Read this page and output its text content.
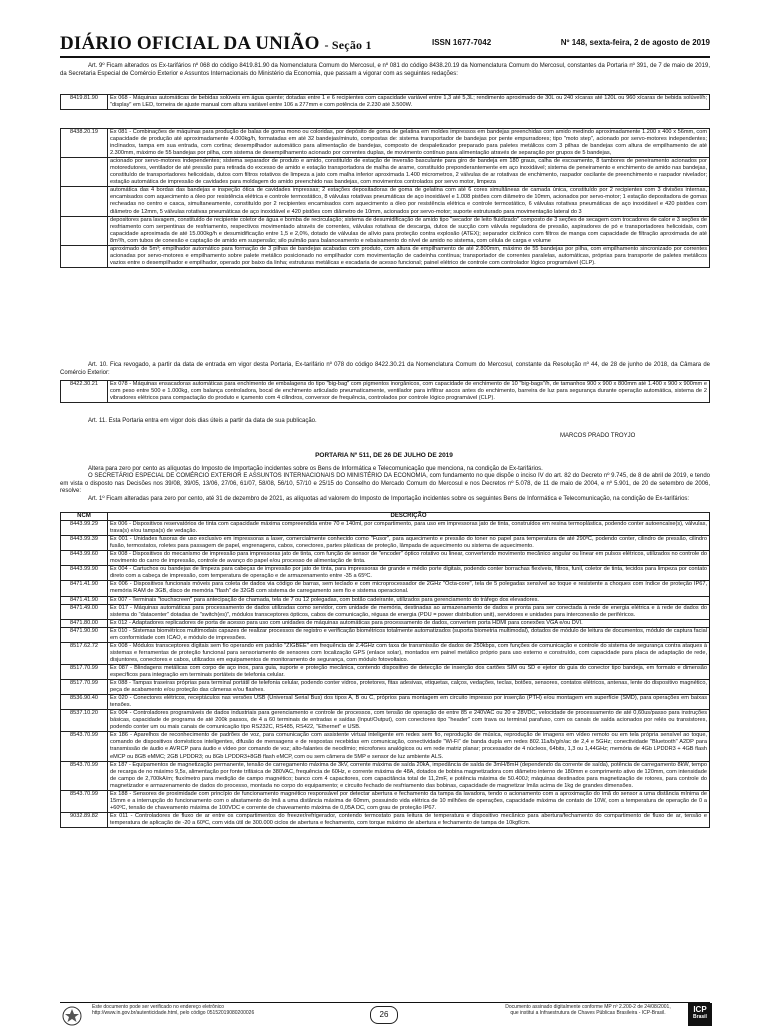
DIÁRIO OFICIAL DA UNIÃO - Seção 1	ISSN 1677-7042	Nº 148, sexta-feira, 2 de agosto de 2019
Art. 9º Ficam alterados os Ex-tarifários nº 068 do código 8419.81.90 da Nomenclatura Comum do Mercosul, e nº 081 do código 8438.20.19 da Nomenclatura Comum do Mercosul, constantes da Portaria nº 391, de 7 de maio de 2019, da Secretaria Especial de Comércio Exterior e Assuntos Internacionais do Ministério da Economia, que passam a vigorar com as seguintes redações:
8419.81.90	Ex 068 - Máquinas automáticas de bebidas solúveis em água quente; dotadas entre 1 e 6 recipientes com capacidade variável entre 1,3 até 5,3L; rendimento aproximado de 30L ou 240 xícaras até 120L ou 960 xícaras de bebida solúvel/h; "display" em LED, torneira de ajuste manual com altura variável entre 106 a 277mm e com potência de 2.230 até 3.500W.
8438.20.19	Ex 081 - Combinações de máquinas para produção de balas de goma mono ou coloridas, por depósito de goma de gelatina em moldes impressos em bandejas preenchidas com amido medindo aproximadamente 1.200 x 400 x 56mm, com capacidade de produção até aproximadamente 4.000kg/h, formatadas em até 32 bandejas/minuto, compostas de: sistema transportador de bandejas por pente empurradores; tipo "moto step", acionado por servo-motores independentes; inclinados, tampa em sua entrada, com cortina; desempilhador automático para alimentação de bandejas, composto de despaletizador preparado para paletes metálicos com 3 pilhas de bandejas com altura de empilhamento de até 2.300mm, máximo de 55 bandejas por pilha, com sistema de desempilhamento acionado por correntes duplas, de movimento contínuo para alimentação através de separação por grupos de 5 bandejas,
	acionado por servo-motores independentes; sistema separador de produto e amido, constituído de estação de inversão basculante para giro de bandeja em 180 graus, calha de escoamento, 8 tambores de peneiramento acionados por motoredutores, ventilador de até pressão para retirada do excesso de amido e estação transportadora de malha de arame, constituído preponderantemente em aço inoxidável; sistema de peneiramento e enchimento de amido nas bandejas, constituído de transportadores helicoidais, dutos com filtros rotativos de limpeza a jato com malha inferior aproximada 1.400 micrometros, 2 válvulas de ar rotativas de enchimento, raspador oscilante de preenchimento e raspador nivelador; estação automática de impressão de cavidades para moldagem do amido preenchido nas bandejas, com movimentos controlados por servo motor, limpeza
	automática das 4 bordas das bandejas e inspeção ótica de cavidades impressas; 2 estações depositadoras de goma de gelatina com até 6 cores simultâneas de camada única, constituído por 2 recipientes com 3 divisões internas, encamisados com aquecimento a óleo por resistência elétrica e controle termostático, 8 válvulas rotativas pneumáticas de aço inoxidável e 1.008 pistões com diâmetro de 10mm, acionados por servo-motor; 1 estação depositadora de gomas recheadas no centro e casca, simultaneamente, constituído por 2 recipientes encamisados com aquecimento a óleo por resistência elétrica e controle termostático, 6 válvulas rotativas pneumáticas de aço inoxidável e 420 pistões com diâmetro de 12mm, 5 válvulas rotativas pneumáticas de aço inoxidável e 420 pistões com diâmetro de 10mm, acionados por servo-motor; suporte estruturado para movimentação lateral do 3
	depositores para lavagem, constituído de recipiente coletor de água e bomba de recirculação; sistema de desumidificação de amido tipo "secador de leito fluidizado" composto de 3 seções de secagem com trocadores de calor e 3 seções de resfriamento com serpentinas de resfriamento, respectivos movimentado através de correntes, válvulas rotativas de descarga, dutos de sucção com válvula reguladora de pressão, aspiradores de pó e transportadores helicoidais, com capacidade aproximada de até 15.000kg/h e desumidificação entre 1,5 e 2,0%, dotado de válvulas de alívio para proteção contra explosão (ATEX); separador ciclônico com filtros de manga com capacidade de filtração aproximada de até 8m³/h, com tubos de conexão e captação de amido em suspensão; silo pulmão para balanceamento e rebaixamento do nível de amido no sistema, com célula de carga e volume
	aproximado de 5m³; empilhador automático para formação de 3 pilhas de bandejas acabadas com produto, com altura de empilhamento de até 2.800mm, máximo de 55 bandejas por pilha, com empilhamento sincronizado por correntes acionadas por servo-motores e empilhamento sobre palete metálico posicionado no empilhador com movimentação de cadeinha contínua; transportador de correntes paralelas, automáticas, próprias para transporte de paletes metálicos vazios entre o desempilhador e empilhador, operado por baixo da linha; estruturas metálicas e escadaria de acesso funcional; painel elétrico de controle com controlador lógico programável (CLP).
Art. 10. Fica revogado, a partir da data de entrada em vigor desta Portaria, Ex-tarifário nº 078 do código 8422.30.21 da Nomenclatura Comum do Mercosul, constante da Resolução nº 44, de 28 de junho de 2018, da Câmara de Comércio Exterior:
8422.30.21	Ex 078 - Máquinas ensacadoras automáticas para enchimento de embalagens do tipo "big-bag" com pigmentos inorgânicos, com capacidade de enchimento de 10 "big-bags"/h, de tamanhos 900 x 900 x 800mm até 1.400 x 900 x 900mm e com peso entre 500 e 1.000kg, com balança controladora, bocal de enchimento articulado pneumaticamente, ventilador para infiltrar ascos antes do enchimento, barreira de luz para segurança durante operação automática, sistema de 2 vibradores elétricos para compactação do produto e içamento com 4 cilindros, conversor de frequência, controlados por controle lógico programável (CLP).
Art. 11. Esta Portaria entra em vigor dois dias úteis a partir da data de sua publicação.
MARCOS PRADO TROYJO
PORTARIA Nº 511, DE 26 DE JULHO DE 2019
Altera para zero por cento as alíquotas do Imposto de Importação incidentes sobre os Bens de Informática e Telecomunicação que menciona, na condição de Ex-tarifários.
O SECRETÁRIO ESPECIAL DE COMÉRCIO EXTERIOR E ASSUNTOS INTERNACIONAIS DO MINISTÉRIO DA ECONOMIA, com fundamento no que dispõe o inciso IV do art. 82 do Decreto nº 9.745, de 8 de abril de 2019, e tendo em vista o disposto nas Decisões nos 39/08, 39/05, 13/06, 27/06, 61/07, 58/08, 56/10, 57/10 e 25/15 do Conselho do Mercado Comum do Mercosul e nos Decretos nº 5.078, de 11 de maio de 2004, e nº 5.901, de 20 de setembro de 2006, resolve:
Art. 1º Ficam alteradas para zero por cento, até 31 de dezembro de 2021, as alíquotas ad valorem do Imposto de Importação incidentes sobre os seguintes Bens de Informática e Telecomunicação, na condição de Ex-tarifários:
NCM	DESCRIÇÃO
8443.99.29	Ex 006 - Dispositivos reservatórios de tinta com capacidade máxima compreendida entre 70 e 140ml, por compartimento, para uso em impressoras jato de tinta, construídos em resina termoplástica, podendo conter autoencaixe(s), válvulas, trava(s) e/ou tampa(s) de vedação.
8443.99.39	Ex 001 - Unidades fusoras de uso exclusivo em impressoras a laser, comercialmente conhecido como "Fusor", para aquecimento e pressão do toner no papel para temperatura de até 290ºC, podendo conter, cilindro de pressão, cilindro fusão, termostatos, roletes para passagem de papel, engrenagens, cabos, conectores, partes plásticas de proteção, lâmpada de aquecimento ou sistema de aquecimento.
8443.99.60	Ex 008 - Dispositivos do mecanismo de impressão para impressoras jato de tinta, com função de sensor de "encoder" óptico rotativo ou linear, convertendo movimento mecânico angular ou linear em pulsos elétricos, utilizados no controle do movimento do carro de impressão, controle de avanço do papel e/ou processo de alimentação de tinta.
8443.99.90	Ex 004 - Cartuchos ou bandejas de limpeza para cabeças de impressão por jato de tinta, para impressoras de grande e médio porte digitais, podendo conter borrachas flexíveis, filtros, funil, coletor de tinta, tecidos para limpeza por contato direto com a cabeça de impressão, com temperatura de operação e de armazenamento entre -35 a 65ºC.
8471.41.90	Ex 006 - Dispositivos funcionais móveis para coleta de dados via código de barras, sem teclado e com microprocessador de 2GHz "Octa-core", tela de 5 polegadas sensível ao toque e resistente a choques com índice de proteção IP67, memória RAM de 3GB, disco de memória "flash" de 32GB com sistema de carregamento sem fio e sistema operacional.
8471.41.90	Ex 007 - Terminais "touchscreen" para antecipação de chamada, tela de 7 ou 12 polegadas, com botão cadeirante, utilizados para gerenciamento do tráfego dos elevadores.
8471.49.00	Ex 017 - Máquinas automáticas para processamento de dados utilizadas como servidor, com unidade de memória, destinadas ao armazenamento de dados e pronta para ser conectada à rede de energia elétrica e à rede de dados do sistema do "datacenter" dotadas de "switch(es)", módulos transceptores ópticos, cabos de comunicação, réguas de energia (PDU = power distribution unit), servidores e unidades para interconexão de periféricos.
8471.80.00	Ex 012 - Adaptadores replicadores de porta de acesso para uso com unidades de máquinas automáticas para processamento de dados, convertem porta HDMI para conexões VGA e/ou DVI.
8471.90.90	Ex 010 - Sistemas biométricos multimodais capazes de realizar processos de registro e verificação biométricos totalmente automatizados (suporta biometria multimodal), dotados de módulo de leitura de documentos, módulo de captura facial em conformidade com ICAO, e módulo de impressões.
8517.62.72	Ex 008 - Módulos transceptores digitais sem fio operando em padrão "ZIGBEE" em frequência de 2.4GHz com taxa de transmissão de dados de 250kbps, com funções de comunicação e controle do sistema de segurança contra ataques à sistemas e ferramentas de proteção funcional para sensoriamento de sensores com localização GPS (enlace solar), montados em painel metálico próprio para uso externo e construído, com capacidade para placa de adaptação de rede, disjuntores, conectores e cabos, utilizados em equipamentos de monitoramento de segurança, com módulo fotovoltaico.
8517.70.99	Ex 087 - Blindagens metálicas com corpo de aço inox, para guia, suporte e proteção mecânica, contendo dispositivo de detecção de inserção dos cartões SIM ou SD e ejetor do guia do conector tipo bandeja, em formato e dimensão específicos para integração em terminais portáteis de telefonia celular.
8517.70.99	Ex 088 - Tampas traseiras próprias para terminal portátil de telefonia celular, podendo conter vidros, protetores, fitas adesivas, etiquetas, calços, vedações, teclas, botões, sensores, contatos elétricos, antenas, lente do dispositivo magnético, peça de acabamento e/ou proteção das câmeras e/ou flashes.
8536.90.40	Ex 020 - Conectores elétricos, receptáculos nas versões USB (Universal Serial Bus) dos tipos A, B ou C, próprios para montagem em circuito impresso por inserção (PTH) e/ou montagem em superfície (SMD), para operações em baixas tensões.
8537.10.20	Ex 004 - Controladores programáveis de dados industriais para gerenciamento e controle de processos, com tensão de operação de entre 85 e 240VAC ou 20 e 28VDC, velocidade de processamento de até 0,60us/passo para instruções básicas, capacidade de programa de até 200k passos, de 4 a 60 terminais de entradas e saídas (Input/Output), com conectores tipo "header" com trava ou terminal parafuso, com os canais de saída acionados por relés ou transistores, podendo conter um ou mais canais de comunicação tipo RS232C, RS485, RS422, "Ethernet" e USB.
8543.70.99	Ex 186 - Aparelhos de reconhecimento de padrões de voz, para comunicação com assistente virtual inteligente em redes sem fio, reprodução de música, reprodução de imagens em vídeo remoto ou em tela própria sensível ao toque, comando de dispositivos domésticos inteligentes, difusão de mensagens e de respostas recebidas em comunicação, conectividade "Wi-Fi" de banda dupla em redes 802.11a/b/g/n/ac de 2,4 e 5GHz; conectividade "Bluetooth" A2DP para transmissão de áudio e AVRCP para áudio e vídeo por comando de voz; alto-falantes de neodímio; microfones analógicos ou em rede matriz planar; processador de 4 núcleos, 64bits, 1,3 ou 1,44GHz; memória de 4Gb LPDDR3 + 4GB flash eMCP ou 8GB eMMC; 2GB LPDDR3; ou 8Gb LPDDR3+8GB flash eMCP, com ou sem câmera de 5MP e sensor de luz ambiente ALS.
8543.70.99	Ex 187 - Equipamentos de magnetização permanente, tensão de carregamento máxima de 3kV, corrente máxima de saída 20kA, impedância de saída de 3mH/8mH (dependendo da corrente de saída), potência de carregamento 8kW, tempo de recarga de no máximo 9,5s, alimentação por fonte trifásica de 380VAC, frequência de 60Hz, e corrente máxima de 48A, dotados de bobina magnetizadora com diâmetro interno de 180mm e comprimento ativo de 120mm, com intensidade de campo de 2,700kA/m; fluxímetro para medição de campo magnético; banco com 4 capacitores, com capacitância total de 11,2mF, e potência máxima de 50.400J; máquinas destinados para magnetização de rotores, para controle do magnetizador e armazenamento de dados do processo, montada no corpo do equipamento; e circuito fechado de resfriamento das bobinas, capacidade de magnetizar ímãs acima de 1kg de grandes dimensões.
8543.70.99	Ex 188 - Sensores de proximidade com princípio de funcionamento magnético responsável por detectar abertura e fechamento da tampa da lavadora, tendo o acionamento com a aproximação do ímã do sensor a uma distância mínima de 15mm e a interrupção do funcionamento com o afastamento do ímã a uma distância máxima de 60mm, possuindo vida elétrica de 10 milhões de operações, capacidade máxima de contato de 10W, com a temperatura de operação de 0 a +60ºC, tensão de chaveamento máxima de 100VDC e corrente de chaveamento máxima de 0,05A DC, com grau de proteção IP67.
9032.89.82	Ex 011 - Controladores de fluxo de ar entre os compartimentos do freezer/refrigerador, contendo termostato para leitura de temperatura e dispositivo mecânico para abertura/fechamento do compartimento de fluxo de ar, tensão e temperatura de aplicação de -20 a 60ºC, com vida útil de 300.000 ciclos de abertura e fechamento, com torque máximo de abertura e fechamento de tampa de 10kgf/cm.
Este documento pode ser verificado no endereço eletrônico
http://www.in.gov.br/autenticidade.html, pelo código 05152019080200026	26
Documento assinado digitalmente conforme MP nº 2.200-2 de 24/08/2001,
que institui a Infraestrutura de Chaves Públicas Brasileira - ICP-Brasil.	ICP
Brasil
